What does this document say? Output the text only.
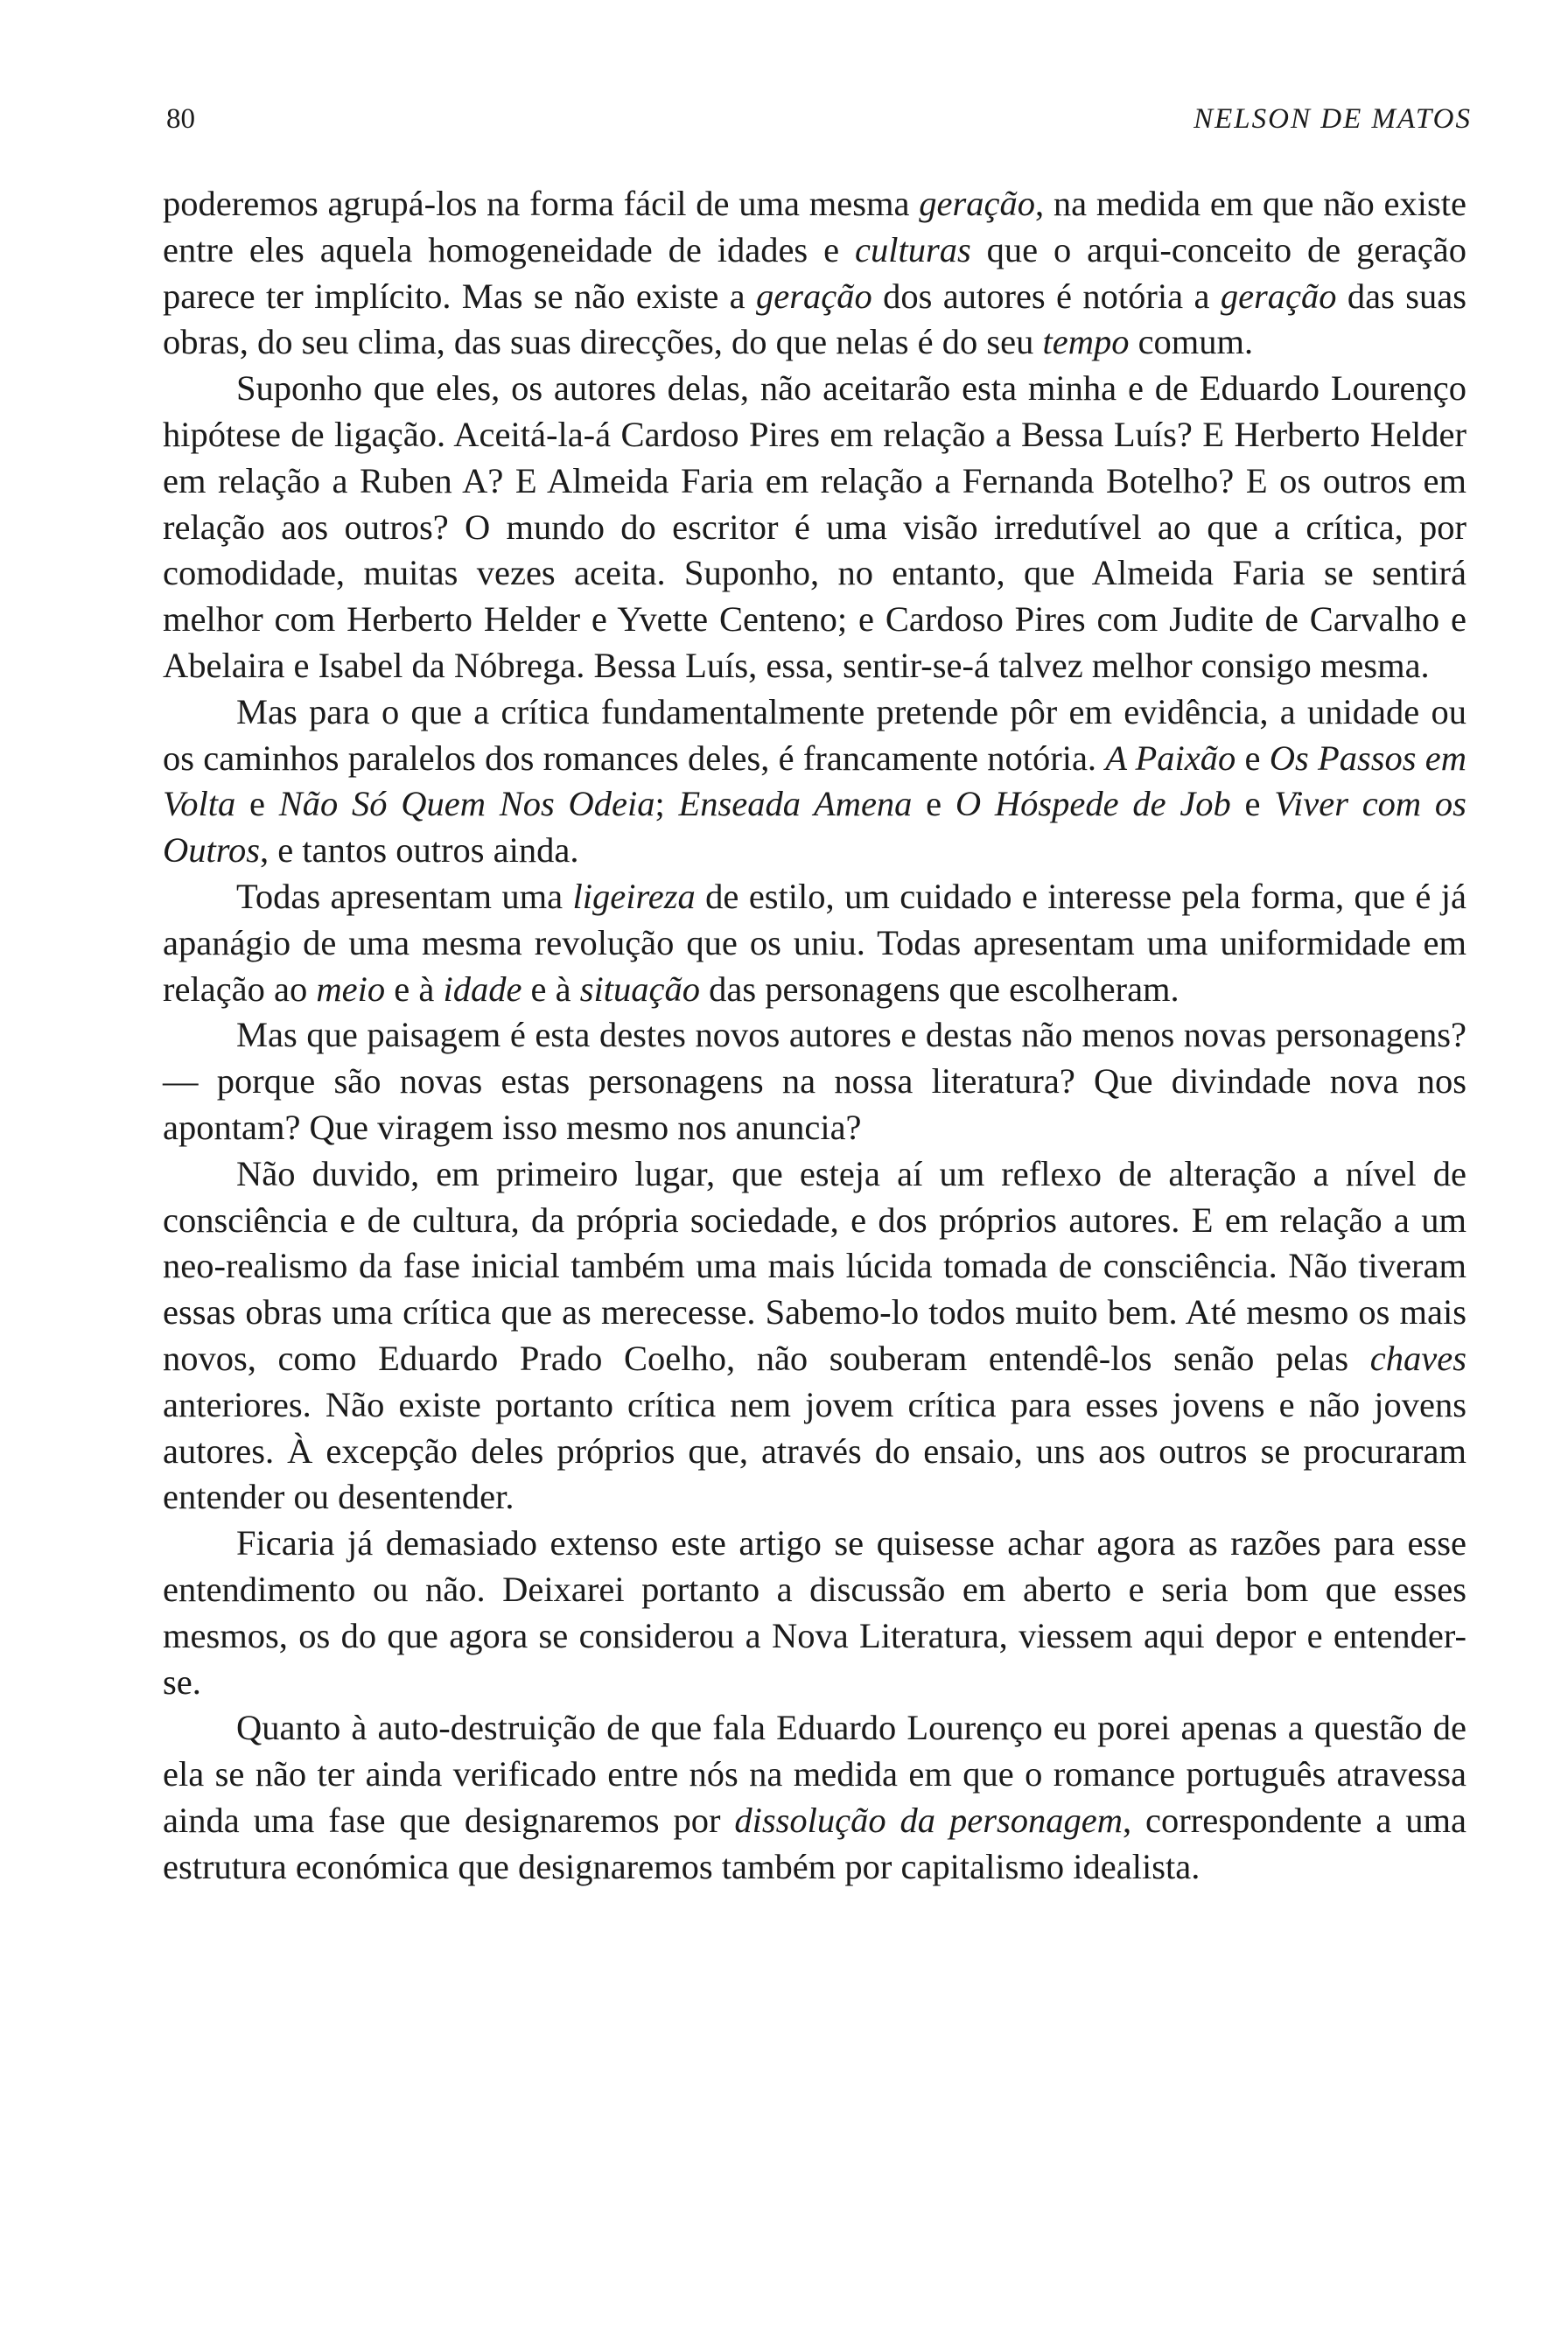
80	NELSON DE MATOS

poderemos agrupá-los na forma fácil de uma mesma geração, na medida em que não existe entre eles aquela homogeneidade de idades e culturas que o arqui-conceito de geração parece ter implícito. Mas se não existe a geração dos autores é notória a geração das suas obras, do seu clima, das suas direcções, do que nelas é do seu tempo comum.

Suponho que eles, os autores delas, não aceitarão esta minha e de Eduardo Lourenço hipótese de ligação. Aceitá-la-á Cardoso Pires em relação a Bessa Luís? E Herberto Helder em relação a Ruben A? E Almeida Faria em relação a Fernanda Botelho? E os outros em relação aos outros? O mundo do escritor é uma visão irredutível ao que a crítica, por comodidade, muitas vezes aceita. Suponho, no entanto, que Almeida Faria se sentirá melhor com Herberto Helder e Yvette Centeno; e Cardoso Pires com Judite de Carvalho e Abelaira e Isabel da Nóbrega. Bessa Luís, essa, sentir-se-á talvez melhor consigo mesma.

Mas para o que a crítica fundamentalmente pretende pôr em evidência, a unidade ou os caminhos paralelos dos romances deles, é francamente notória. A Paixão e Os Passos em Volta e Não Só Quem Nos Odeia; Enseada Amena e O Hóspede de Job e Viver com os Outros, e tantos outros ainda.

Todas apresentam uma ligeireza de estilo, um cuidado e interesse pela forma, que é já apanágio de uma mesma revolução que os uniu. Todas apresentam uma uniformidade em relação ao meio e à idade e à situação das personagens que escolheram.

Mas que paisagem é esta destes novos autores e destas não menos novas personagens? — porque são novas estas personagens na nossa literatura? Que divindade nova nos apontam? Que viragem isso mesmo nos anuncia?

Não duvido, em primeiro lugar, que esteja aí um reflexo de alteração a nível de consciência e de cultura, da própria sociedade, e dos próprios autores. E em relação a um neo-realismo da fase inicial também uma mais lúcida tomada de consciência. Não tiveram essas obras uma crítica que as merecesse. Sabemo-lo todos muito bem. Até mesmo os mais novos, como Eduardo Prado Coelho, não souberam entendê-los senão pelas chaves anteriores. Não existe portanto crítica nem jovem crítica para esses jovens e não jovens autores. À excepção deles próprios que, através do ensaio, uns aos outros se procuraram entender ou desentender.

Ficaria já demasiado extenso este artigo se quisesse achar agora as razões para esse entendimento ou não. Deixarei portanto a discussão em aberto e seria bom que esses mesmos, os do que agora se considerou a Nova Literatura, viessem aqui depor e entender-se.

Quanto à auto-destruição de que fala Eduardo Lourenço eu porei apenas a questão de ela se não ter ainda verificado entre nós na medida em que o romance português atravessa ainda uma fase que designaremos por dissolução da personagem, correspondente a uma estrutura económica que designaremos também por capitalismo idealista.
